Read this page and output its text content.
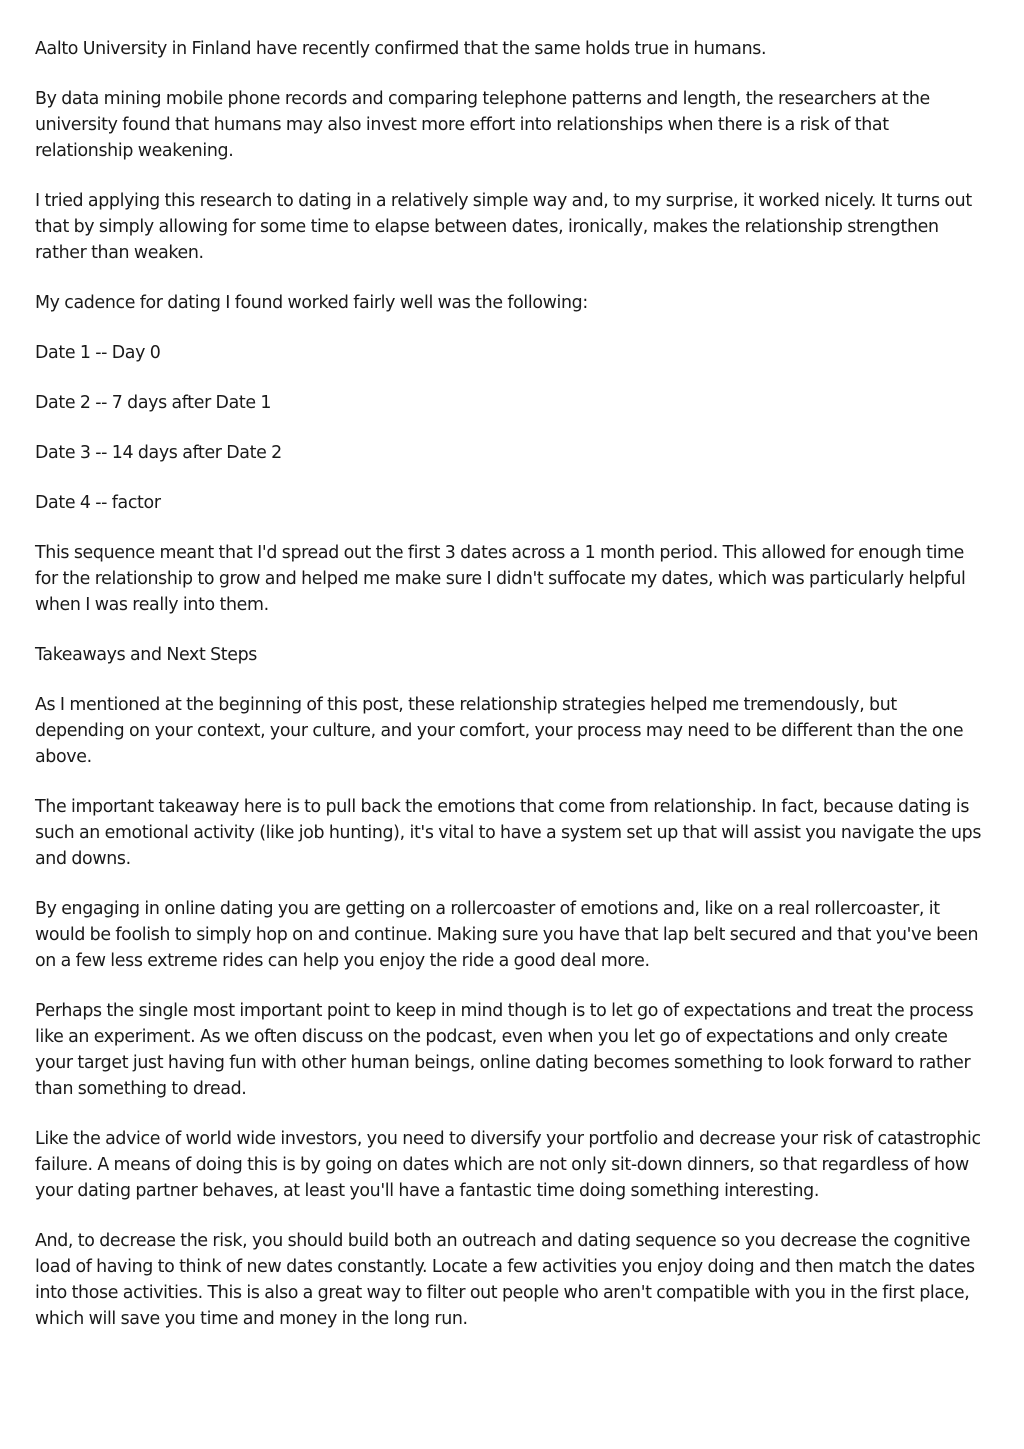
Aalto University in Finland have recently confirmed that the same holds true in humans.

By data mining mobile phone records and comparing telephone patterns and length, the researchers at the university found that humans may also invest more effort into relationships when there is a risk of that relationship weakening.

I tried applying this research to dating in a relatively simple way and, to my surprise, it worked nicely. It turns out that by simply allowing for some time to elapse between dates, ironically, makes the relationship strengthen rather than weaken.

My cadence for dating I found worked fairly well was the following:

Date 1 -- Day 0

Date 2 -- 7 days after Date 1

Date 3 -- 14 days after Date 2

Date 4 -- factor

This sequence meant that I'd spread out the first 3 dates across a 1 month period. This allowed for enough time for the relationship to grow and helped me make sure I didn't suffocate my dates, which was particularly helpful when I was really into them.

Takeaways and Next Steps

As I mentioned at the beginning of this post, these relationship strategies helped me tremendously, but depending on your context, your culture, and your comfort, your process may need to be different than the one above.

The important takeaway here is to pull back the emotions that come from relationship. In fact, because dating is such an emotional activity (like job hunting), it's vital to have a system set up that will assist you navigate the ups and downs.

By engaging in online dating you are getting on a rollercoaster of emotions and, like on a real rollercoaster, it would be foolish to simply hop on and continue. Making sure you have that lap belt secured and that you've been on a few less extreme rides can help you enjoy the ride a good deal more.

Perhaps the single most important point to keep in mind though is to let go of expectations and treat the process like an experiment. As we often discuss on the podcast, even when you let go of expectations and only create your target just having fun with other human beings, online dating becomes something to look forward to rather than something to dread.

Like the advice of world wide investors, you need to diversify your portfolio and decrease your risk of catastrophic failure. A means of doing this is by going on dates which are not only sit-down dinners, so that regardless of how your dating partner behaves, at least you'll have a fantastic time doing something interesting.

And, to decrease the risk, you should build both an outreach and dating sequence so you decrease the cognitive load of having to think of new dates constantly. Locate a few activities you enjoy doing and then match the dates into those activities. This is also a great way to filter out people who aren't compatible with you in the first place, which will save you time and money in the long run.
